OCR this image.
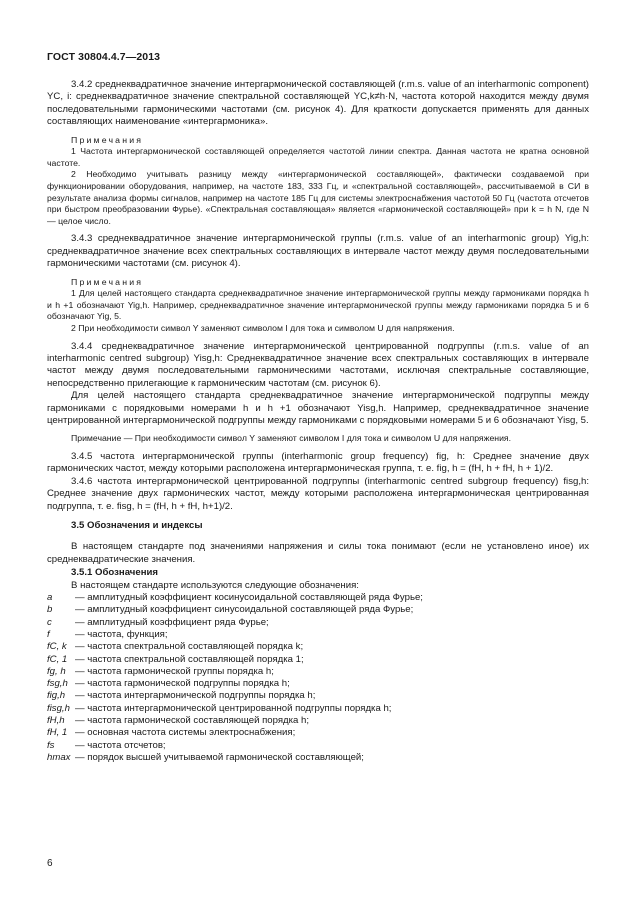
ГОСТ 30804.4.7—2013

3.4.2 среднеквадратичное значение интергармонической составляющей (r.m.s. value of an interharmonic component) YC, i: среднеквадратичное значение спектральной составляющей YC,k≠h·N, частота которой находится между двумя последовательными гармоническими частотами (см. рисунок 4). Для краткости допускается применять для данных составляющих наименование «интергармоника».

Примечания

1 Частота интергармонической составляющей определяется частотой линии спектра. Данная частота не кратна основной частоте.

2 Необходимо учитывать разницу между «интергармонической составляющей», фактически создаваемой при функционировании оборудования, например, на частоте 183, 333 Гц, и «спектральной составляющей», рассчитываемой в СИ в результате анализа формы сигналов, например на частоте 185 Гц для системы электроснабжения частотой 50 Гц (частота отсчетов при быстром преобразовании Фурье). «Спектральная составляющая» является «гармонической составляющей» при k = h N, где N — целое число.

3.4.3 среднеквадратичное значение интергармонической группы (r.m.s. value of an interharmonic group) Yig,h: среднеквадратичное значение всех спектральных составляющих в интервале частот между двумя последовательными гармоническими частотами (см. рисунок 4).

Примечания

1 Для целей настоящего стандарта среднеквадратичное значение интергармонической группы между гармониками порядка h и h +1 обозначают Yig,h. Например, среднеквадратичное значение интергармонической группы между гармониками порядка 5 и 6 обозначают Yig, 5.

2 При необходимости символ Y заменяют символом I для тока и символом U для напряжения.

3.4.4 среднеквадратичное значение интергармонической центрированной подгруппы (r.m.s. value of an interharmonic centred subgroup) Yisg,h: Среднеквадратичное значение всех спектральных составляющих в интервале частот между двумя последовательными гармоническими частотами, исключая спектральные составляющие, непосредственно прилегающие к гармоническим частотам (см. рисунок 6).

Для целей настоящего стандарта среднеквадратичное значение интергармонической подгруппы между гармониками с порядковыми номерами h и h +1 обозначают Yisg,h. Например, среднеквадратичное значение центрированной интергармонической подгруппы между гармониками с порядковыми номерами 5 и 6 обозначают Yisg, 5.

Примечание — При необходимости символ Y заменяют символом I для тока и символом U для напряжения.

3.4.5 частота интергармонической группы (interharmonic group frequency) fig, h: Среднее значение двух гармонических частот, между которыми расположена интергармоническая группа, т. е. fig, h = (fH, h + fH, h + 1)/2.

3.4.6 частота интергармонической центрированной подгруппы (interharmonic centred subgroup frequency) fisg,h: Среднее значение двух гармонических частот, между которыми расположена интергармоническая центрированная подгруппа, т. е. fisg, h = (fH, h + fH, h+1)/2.

3.5 Обозначения и индексы

В настоящем стандарте под значениями напряжения и силы тока понимают (если не установлено иное) их среднеквадратические значения.

3.5.1 Обозначения

В настоящем стандарте используются следующие обозначения:

a	— амплитудный коэффициент косинусоидальной составляющей ряда Фурье;
b	— амплитудный коэффициент синусоидальной составляющей ряда Фурье;
c	— амплитудный коэффициент ряда Фурье;
f	— частота, функция;
fC, k — частота спектральной составляющей порядка k;
fC, 1 — частота спектральной составляющей порядка 1;
fg, h — частота гармонической группы порядка h;
fsg,h — частота гармонической подгруппы порядка h;
fig,h	— частота интергармонической подгруппы порядка h;
fisg,h — частота интергармонической центрированной подгруппы порядка h;
fH,h	— частота гармонической составляющей порядка h;
fH, 1 — основная частота системы электроснабжения;
fs	— частота отсчетов;
hmax — порядок высшей учитываемой гармонической составляющей;
6
